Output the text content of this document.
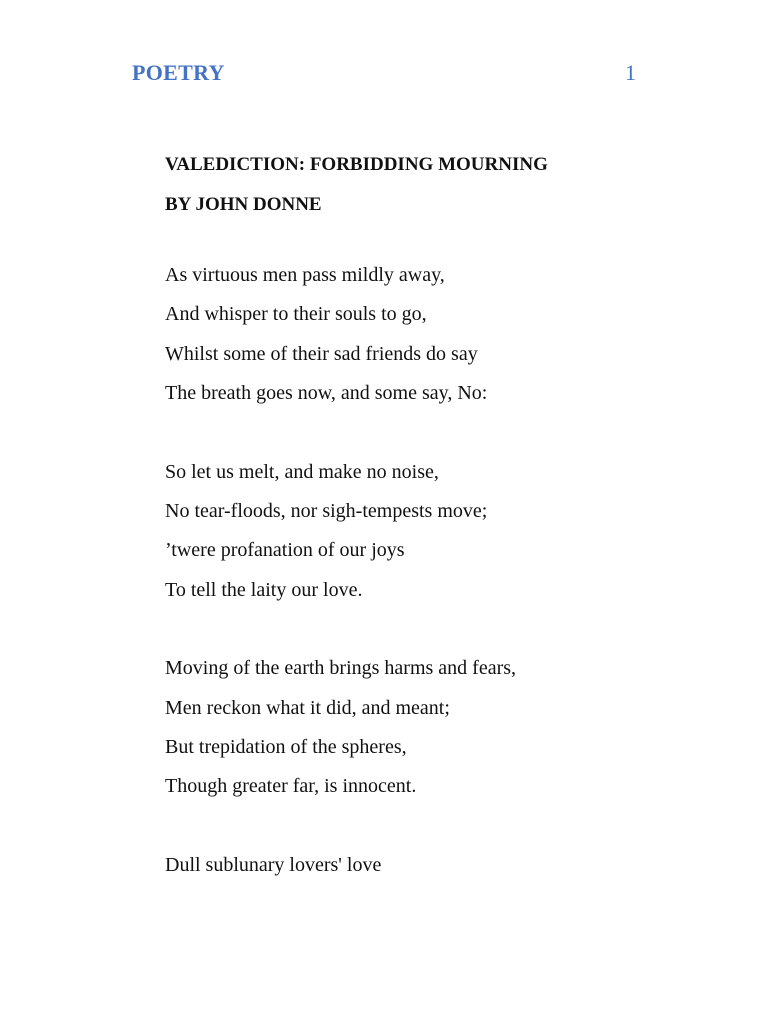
POETRY	1
VALEDICTION: FORBIDDING MOURNING
BY JOHN DONNE
As virtuous men pass mildly away,
And whisper to their souls to go,
Whilst some of their sad friends do say
The breath goes now, and some say, No:
So let us melt, and make no noise,
No tear-floods, nor sigh-tempests move;
’twere profanation of our joys
To tell the laity our love.
Moving of the earth brings harms and fears,
Men reckon what it did, and meant;
But trepidation of the spheres,
Though greater far, is innocent.
Dull sublunary lovers' love
